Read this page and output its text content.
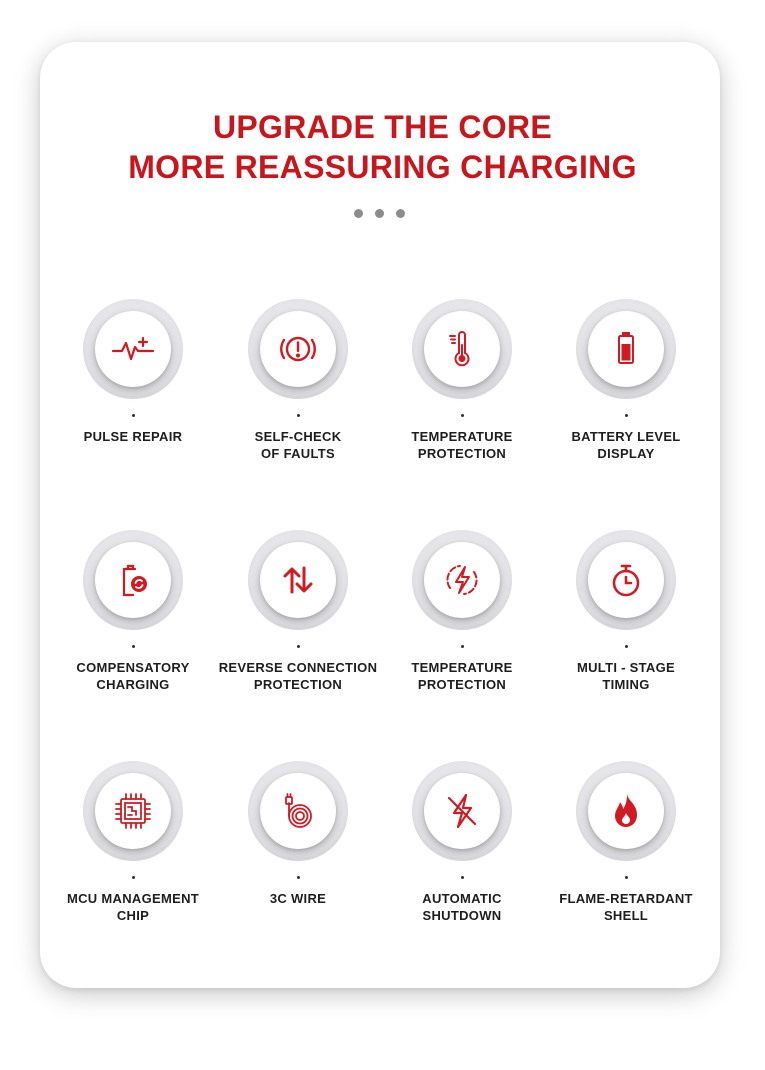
UPGRADE THE CORE
MORE REASSURING CHARGING
PULSE REPAIR	SELF-CHECK
OF FAULTS
TEMPERATURE
PROTECTION
BATTERY LEVEL
DISPLAY
COMPENSATORY
CHARGING
REVERSE CONNECTION
PROTECTION
TEMPERATURE
PROTECTION
MULTI - STAGE
TIMING
MCU MANAGEMENT
CHIP
3C WIRE	AUTOMATIC
SHUTDOWN
FLAME-RETARDANT
SHELL
